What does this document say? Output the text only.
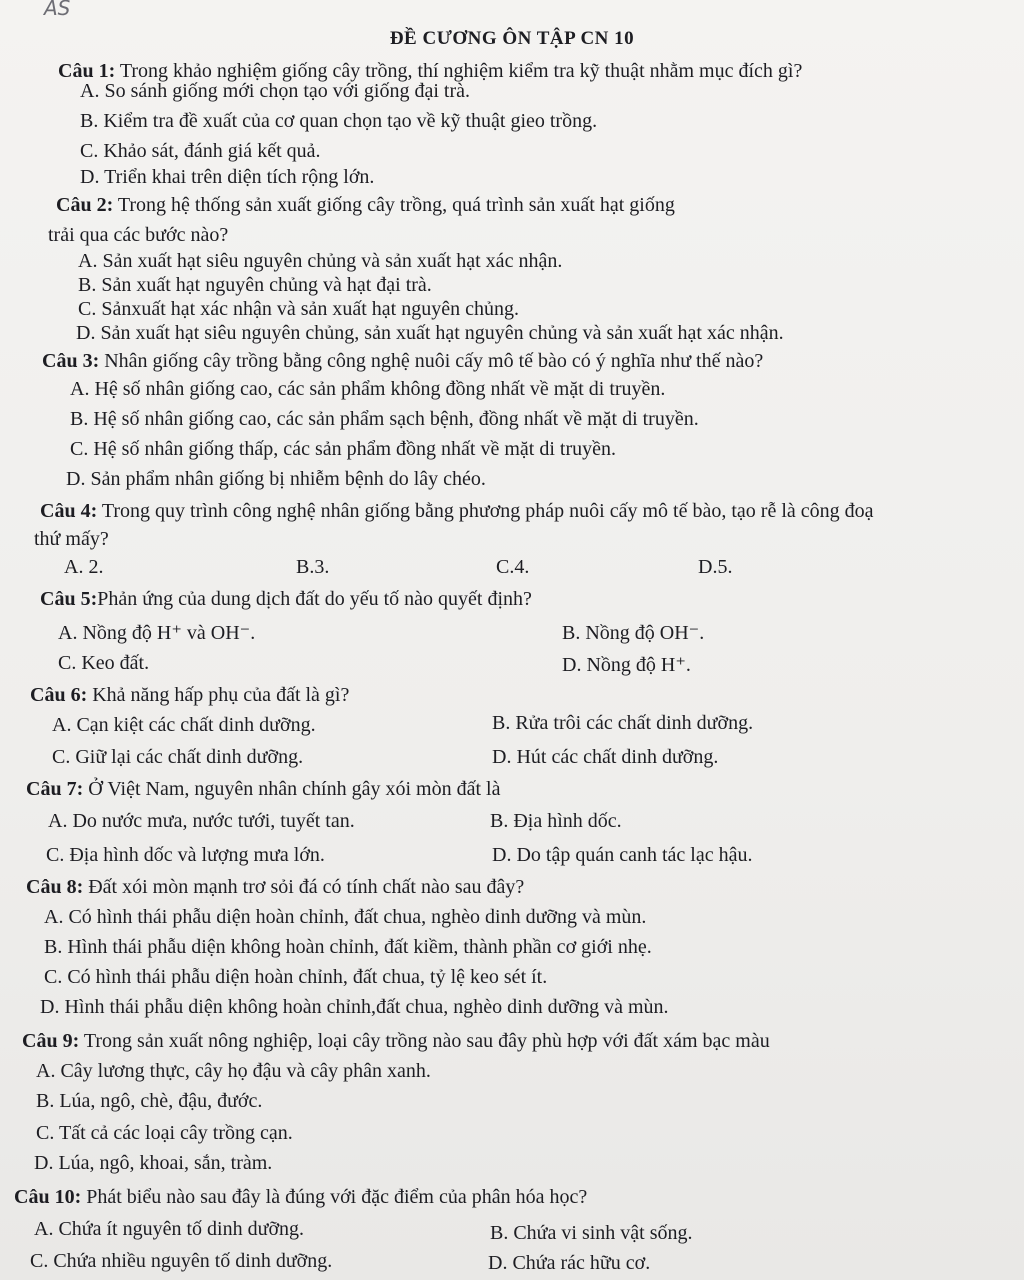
AS
ĐỀ CƯƠNG ÔN TẬP CN 10
Câu 1: Trong khảo nghiệm giống cây trồng, thí nghiệm kiểm tra kỹ thuật nhằm mục đích gì?
A. So sánh giống mới chọn tạo với giống đại trà.
B. Kiểm tra đề xuất của cơ quan chọn tạo về kỹ thuật gieo trồng.
C. Khảo sát, đánh giá kết quả.
D. Triển khai trên diện tích rộng lớn.
Câu 2: Trong hệ thống sản xuất giống cây trồng, quá trình sản xuất hạt giống
trải qua các bước nào?
A. Sản xuất hạt siêu nguyên chủng và sản xuất hạt xác nhận.
B. Sản xuất hạt nguyên chủng và hạt đại trà.
C. Sảnxuất hạt xác nhận và sản xuất hạt nguyên chủng.
D. Sản xuất hạt siêu nguyên chủng, sản xuất hạt nguyên chủng và sản xuất hạt xác nhận.
Câu 3: Nhân giống cây trồng bằng công nghệ nuôi cấy mô tế bào có ý nghĩa như thế nào?
A. Hệ số nhân giống cao, các sản phẩm không đồng nhất về mặt di truyền.
B. Hệ số nhân giống cao, các sản phẩm sạch bệnh, đồng nhất về mặt di truyền.
C. Hệ số nhân giống thấp, các sản phẩm đồng nhất về mặt di truyền.
D. Sản phẩm nhân giống bị nhiễm bệnh do lây chéo.
Câu 4: Trong quy trình công nghệ nhân giống bằng phương pháp nuôi cấy mô tế bào, tạo rễ là công đoạ
thứ mấy?
A. 2.	B.3.	C.4.	D.5.
Câu 5:Phản ứng của dung dịch đất do yếu tố nào quyết định?
A. Nồng độ H⁺ và OH⁻.	B. Nồng độ OH⁻.
C. Keo đất.	D. Nồng độ H⁺.
Câu 6: Khả năng hấp phụ của đất là gì?
A. Cạn kiệt các chất dinh dưỡng.	B. Rửa trôi các chất dinh dưỡng.
C. Giữ lại các chất dinh dưỡng.	D. Hút các chất dinh dưỡng.
Câu 7: Ở Việt Nam, nguyên nhân chính gây xói mòn đất là
A. Do nước mưa, nước tưới, tuyết tan.	B. Địa hình dốc.
C. Địa hình dốc và lượng mưa lớn.	D. Do tập quán canh tác lạc hậu.
Câu 8: Đất xói mòn mạnh trơ sỏi đá có tính chất nào sau đây?
A. Có hình thái phẫu diện hoàn chỉnh, đất chua, nghèo dinh dưỡng và mùn.
B. Hình thái phẫu diện không hoàn chỉnh, đất kiềm, thành phần cơ giới nhẹ.
C. Có hình thái phẫu diện hoàn chỉnh, đất chua, tỷ lệ keo sét ít.
D. Hình thái phẫu diện không hoàn chỉnh,đất chua, nghèo dinh dưỡng và mùn.
Câu 9: Trong sản xuất nông nghiệp, loại cây trồng nào sau đây phù hợp với đất xám bạc màu
A. Cây lương thực, cây họ đậu và cây phân xanh.
B. Lúa, ngô, chè, đậu, đước.
C. Tất cả các loại cây trồng cạn.
D. Lúa, ngô, khoai, sắn, tràm.
Câu 10: Phát biểu nào sau đây là đúng với đặc điểm của phân hóa học?
A. Chứa ít nguyên tố dinh dưỡng.	B. Chứa vi sinh vật sống.
C. Chứa nhiều nguyên tố dinh dưỡng.	D. Chứa rác hữu cơ.
